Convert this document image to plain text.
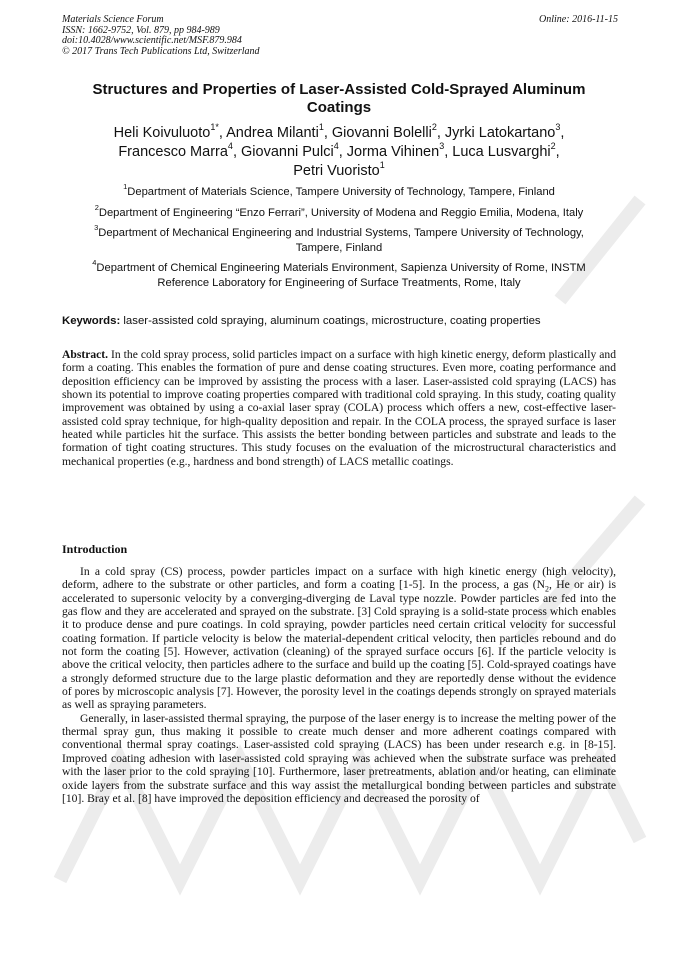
Materials Science Forum
ISSN: 1662-9752, Vol. 879, pp 984-989
doi:10.4028/www.scientific.net/MSF.879.984
© 2017 Trans Tech Publications Ltd, Switzerland
Online: 2016-11-15
Structures and Properties of Laser-Assisted Cold-Sprayed Aluminum
Coatings
Heli Koivuluoto$^{1*}$, Andrea Milanti$^1$, Giovanni Bolelli$^2$, Jyrki Latokartano$^3$,
Francesco Marra$^4$, Giovanni Pulci$^4$, Jorma Vihinen$^3$, Luca Lusvarghi$^2$,
Petri Vuoristo$^1$
$^1$Department of Materials Science, Tampere University of Technology, Tampere, Finland
$^2$Department of Engineering “Enzo Ferrari”, University of Modena and Reggio Emilia, Modena, Italy
$^3$Department of Mechanical Engineering and Industrial Systems, Tampere University of Technology, Tampere, Finland
$^4$Department of Chemical Engineering Materials Environment, Sapienza University of Rome, INSTM Reference Laboratory for Engineering of Surface Treatments, Rome, Italy
Keywords: laser-assisted cold spraying, aluminum coatings, microstructure, coating properties
Abstract. In the cold spray process, solid particles impact on a surface with high kinetic energy, deform plastically and form a coating. This enables the formation of pure and dense coating structures. Even more, coating performance and deposition efficiency can be improved by assisting the process with a laser. Laser-assisted cold spraying (LACS) has shown its potential to improve coating properties compared with traditional cold spraying. In this study, coating quality improvement was obtained by using a co-axial laser spray (COLA) process which offers a new, cost-effective laser-assisted cold spray technique, for high-quality deposition and repair. In the COLA process, the sprayed surface is laser heated while particles hit the surface. This assists the better bonding between particles and substrate and leads to the formation of tight coating structures. This study focuses on the evaluation of the microstructural characteristics and mechanical properties (e.g., hardness and bond strength) of LACS metallic coatings.
Introduction

In a cold spray (CS) process, powder particles impact on a surface with high kinetic energy (high velocity), deform, adhere to the substrate or other particles, and form a coating [1-5]. In the process, a gas ($N_2$, He or air) is accelerated to supersonic velocity by a converging-diverging de Laval type nozzle. Powder particles are fed into the gas flow and they are accelerated and sprayed on the substrate. [3] Cold spraying is a solid-state process which enables it to produce dense and pure coatings. In cold spraying, powder particles need certain critical velocity for successful coating formation. If particle velocity is below the material-dependent critical velocity, then particles rebound and do not form the coating [5]. However, activation (cleaning) of the sprayed surface occurs [6]. If the particle velocity is above the critical velocity, then particles adhere to the surface and build up the coating [5]. Cold-sprayed coatings have a strongly deformed structure due to the large plastic deformation and they are reportedly dense without the evidence of pores by microscopic analysis [7]. However, the porosity level in the coatings depends strongly on sprayed materials as well as spraying parameters.

Generally, in laser-assisted thermal spraying, the purpose of the laser energy is to increase the melting power of the thermal spray gun, thus making it possible to create much denser and more adherent coatings compared with conventional thermal spray coatings. Laser-assisted cold spraying (LACS) has been under research e.g. in [8-15]. Improved coating adhesion with laser-assisted cold spraying was achieved when the substrate surface was preheated with the laser prior to the cold spraying [10]. Furthermore, laser pretreatments, ablation and/or heating, can eliminate oxide layers from the substrate surface and this way assist the metallurgical bonding between particles and substrate [10]. Bray et al. [8] have improved the deposition efficiency and decreased the porosity of
